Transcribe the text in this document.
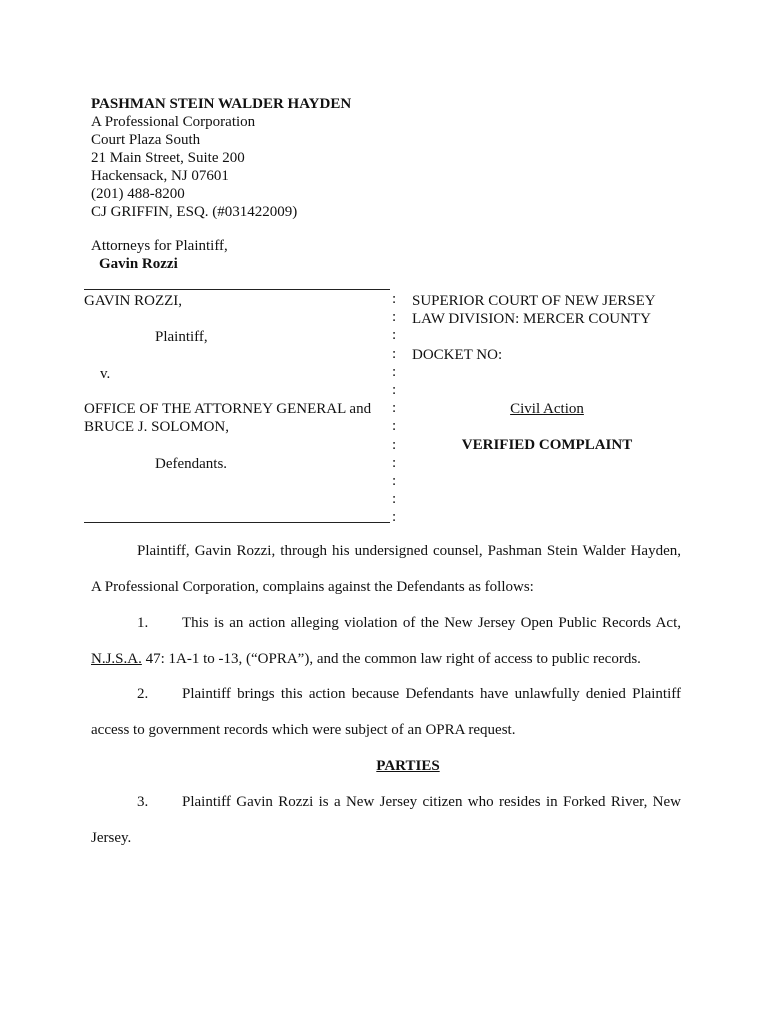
PASHMAN STEIN WALDER HAYDEN
A Professional Corporation
Court Plaza South
21 Main Street, Suite 200
Hackensack, NJ 07601
(201) 488-8200
CJ GRIFFIN, ESQ. (#031422009)
Attorneys for Plaintiff,
Gavin Rozzi
GAVIN ROZZI,
Plaintiff,
v.
OFFICE OF THE ATTORNEY GENERAL and
BRUCE J. SOLOMON,
Defendants.
:
:
:
:
:
:
:
:
:
:
:
:
:
SUPERIOR COURT OF NEW JERSEY
LAW DIVISION: MERCER COUNTY
DOCKET NO:
Civil Action
VERIFIED COMPLAINT
Plaintiff, Gavin Rozzi, through his undersigned counsel, Pashman Stein Walder Hayden,
A Professional Corporation, complains against the Defendants as follows:
1. This is an action alleging violation of the New Jersey Open Public Records Act,
N.J.S.A. 47: 1A-1 to -13, (“OPRA”), and the common law right of access to public records.
2. Plaintiff brings this action because Defendants have unlawfully denied Plaintiff
access to government records which were subject of an OPRA request.
PARTIES
3. Plaintiff Gavin Rozzi is a New Jersey citizen who resides in Forked River, New
Jersey.
